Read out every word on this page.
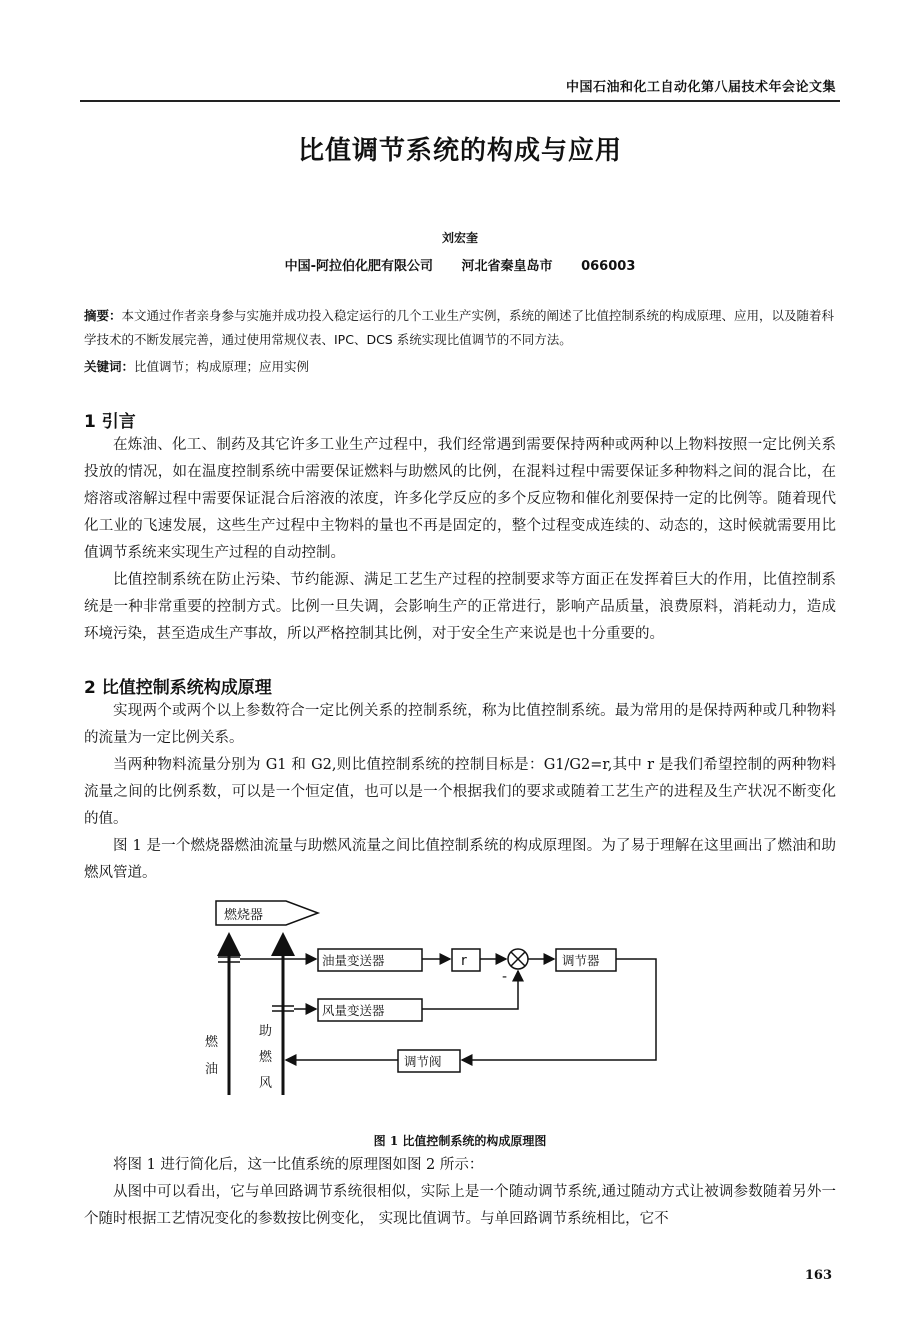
中国石油和化工自动化第八届技术年会论文集
比值调节系统的构成与应用
刘宏奎
中国-阿拉伯化肥有限公司 河北省秦皇岛市 066003
摘要：本文通过作者亲身参与实施并成功投入稳定运行的几个工业生产实例，系统的阐述了比值控制系统的构成原理、应用，以及随着科学技术的不断发展完善，通过使用常规仪表、IPC、DCS 系统实现比值调节的不同方法。
关键词：比值调节；构成原理；应用实例
1 引言
在炼油、化工、制药及其它许多工业生产过程中，我们经常遇到需要保持两种或两种以上物料按照一定比例关系投放的情况，如在温度控制系统中需要保证燃料与助燃风的比例，在混料过程中需要保证多种物料之间的混合比，在熔溶或溶解过程中需要保证混合后溶液的浓度，许多化学反应的多个反应物和催化剂要保持一定的比例等。随着现代化工业的飞速发展，这些生产过程中主物料的量也不再是固定的，整个过程变成连续的、动态的，这时候就需要用比值调节系统来实现生产过程的自动控制。
比值控制系统在防止污染、节约能源、满足工艺生产过程的控制要求等方面正在发挥着巨大的作用，比值控制系统是一种非常重要的控制方式。比例一旦失调，会影响生产的正常进行，影响产品质量，浪费原料，消耗动力，造成环境污染，甚至造成生产事故，所以严格控制其比例，对于安全生产来说是也十分重要的。
2 比值控制系统构成原理
实现两个或两个以上参数符合一定比例关系的控制系统，称为比值控制系统。最为常用的是保持两种或几种物料的流量为一定比例关系。
当两种物料流量分别为 G1 和 G2,则比值控制系统的控制目标是：G1/G2=r,其中 r 是我们希望控制的两种物料流量之间的比例系数，可以是一个恒定值，也可以是一个根据我们的要求或随着工艺生产的进程及生产状况不断变化的值。
图 1 是一个燃烧器燃油流量与助燃风流量之间比值控制系统的构成原理图。为了易于理解在这里画出了燃油和助燃风管道。
燃烧器
油量变送器	r
-
调节器
风量变送器
调节阀
燃
油
助
燃
风
图 1 比值控制系统的构成原理图
将图 1 进行简化后，这一比值系统的原理图如图 2 所示：
从图中可以看出，它与单回路调节系统很相似，实际上是一个随动调节系统,通过随动方式让被调参数随着另外一个随时根据工艺情况变化的参数按比例变化， 实现比值调节。与单回路调节系统相比，它不
163
